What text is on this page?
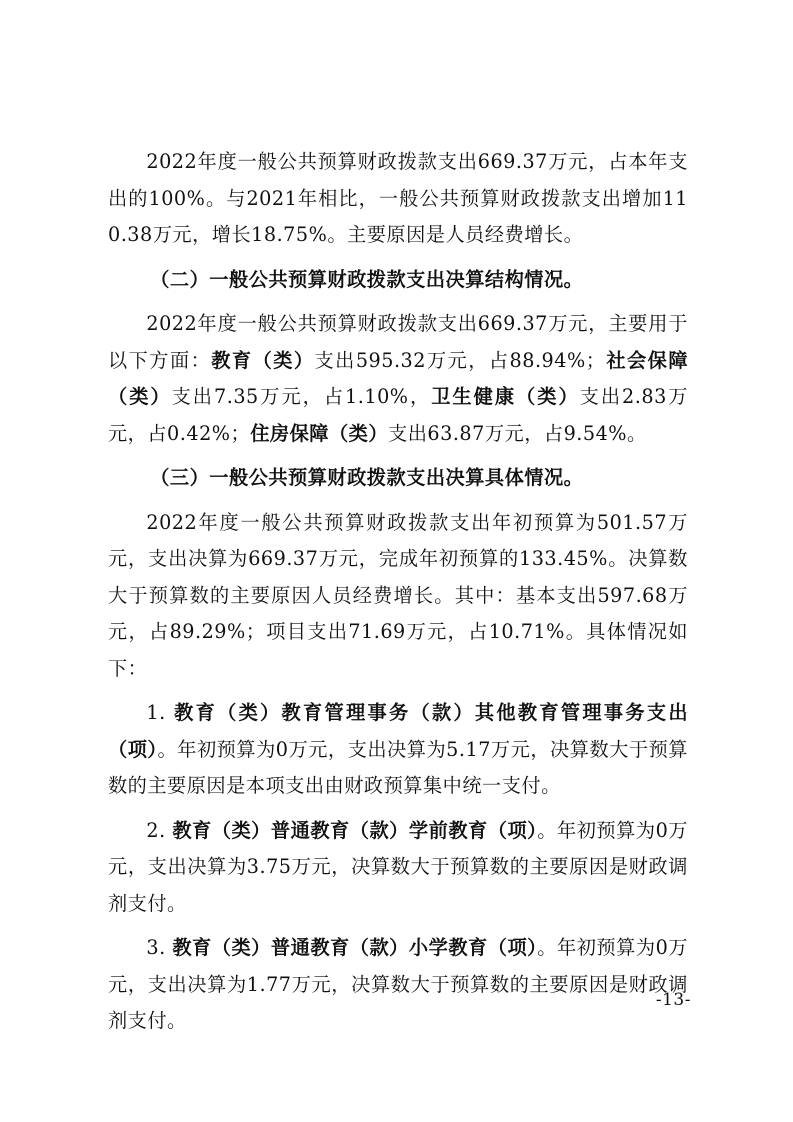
2022年度一般公共预算财政拨款支出669.37万元，占本年支出的100%。与2021年相比，一般公共预算财政拨款支出增加110.38万元，增长18.75%。主要原因是人员经费增长。

（二）一般公共预算财政拨款支出决算结构情况。

2022年度一般公共预算财政拨款支出669.37万元，主要用于以下方面：教育（类）支出595.32万元，占88.94%；社会保障（类）支出7.35万元，占1.10%，卫生健康（类）支出2.83万元，占0.42%；住房保障（类）支出63.87万元，占9.54%。

（三）一般公共预算财政拨款支出决算具体情况。

2022年度一般公共预算财政拨款支出年初预算为501.57万元，支出决算为669.37万元，完成年初预算的133.45%。决算数大于预算数的主要原因人员经费增长。其中：基本支出597.68万元，占89.29%；项目支出71.69万元，占10.71%。具体情况如下：

1. 教育（类）教育管理事务（款）其他教育管理事务支出（项）。年初预算为0万元，支出决算为5.17万元，决算数大于预算数的主要原因是本项支出由财政预算集中统一支付。

2. 教育（类）普通教育（款）学前教育（项）。年初预算为0万元，支出决算为3.75万元，决算数大于预算数的主要原因是财政调剂支付。

3. 教育（类）普通教育（款）小学教育（项）。年初预算为0万元，支出决算为1.77万元，决算数大于预算数的主要原因是财政调剂支付。

-13-
